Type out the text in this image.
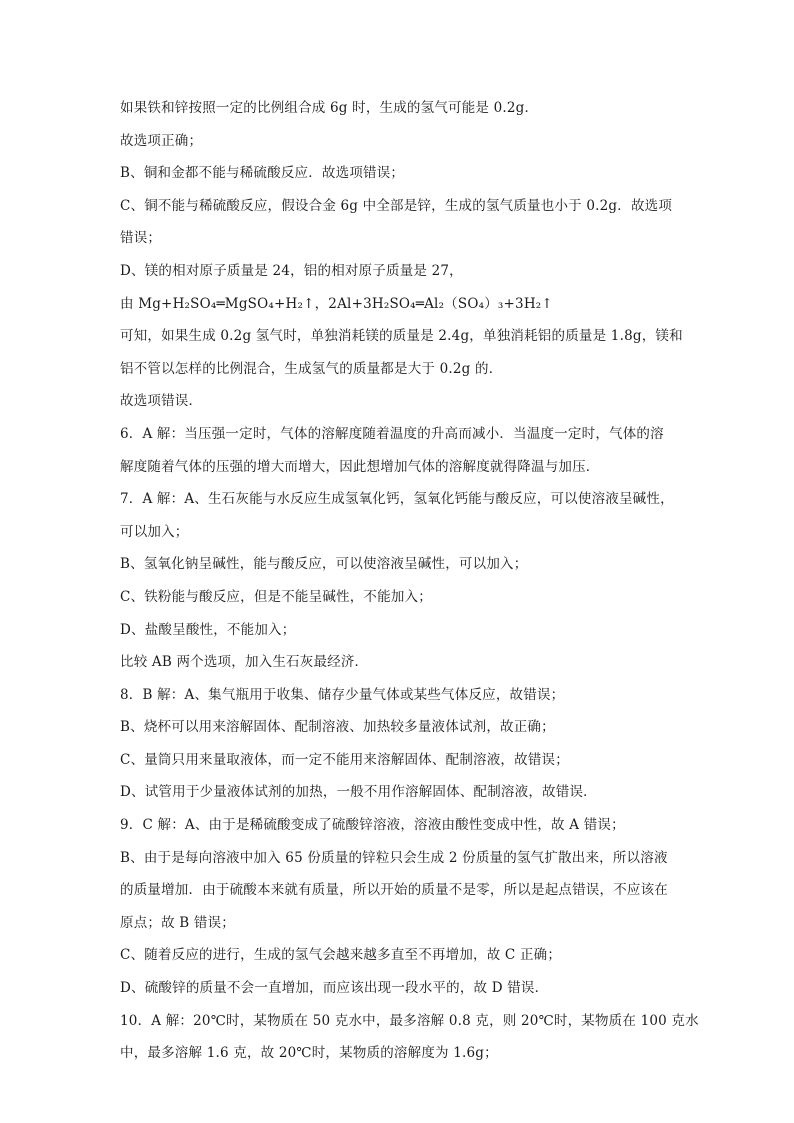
如果铁和锌按照一定的比例组合成 6g 时，生成的氢气可能是 0.2g．
故选项正确；
B、铜和金都不能与稀硫酸反应．故选项错误；
C、铜不能与稀硫酸反应，假设合金 6g 中全部是锌，生成的氢气质量也小于 0.2g．故选项
错误；
D、镁的相对原子质量是 24，铝的相对原子质量是 27，
由 Mg+H₂SO₄═MgSO₄+H₂↑，2Al+3H₂SO₄═Al₂（SO₄）₃+3H₂↑
可知，如果生成 0.2g 氢气时，单独消耗镁的质量是 2.4g，单独消耗铝的质量是 1.8g，镁和
铝不管以怎样的比例混合，生成氢气的质量都是大于 0.2g 的．
故选项错误．
6．A 解：当压强一定时，气体的溶解度随着温度的升高而减小．当温度一定时，气体的溶
解度随着气体的压强的增大而增大，因此想增加气体的溶解度就得降温与加压．
7．A 解：A、生石灰能与水反应生成氢氧化钙，氢氧化钙能与酸反应，可以使溶液呈碱性，
可以加入；
B、氢氧化钠呈碱性，能与酸反应，可以使溶液呈碱性，可以加入；
C、铁粉能与酸反应，但是不能呈碱性，不能加入；
D、盐酸呈酸性，不能加入；
比较 AB 两个选项，加入生石灰最经济．
8．B 解：A、集气瓶用于收集、储存少量气体或某些气体反应，故错误；
B、烧杯可以用来溶解固体、配制溶液、加热较多量液体试剂，故正确；
C、量筒只用来量取液体，而一定不能用来溶解固体、配制溶液，故错误；
D、试管用于少量液体试剂的加热，一般不用作溶解固体、配制溶液，故错误．
9．C 解：A、由于是稀硫酸变成了硫酸锌溶液，溶液由酸性变成中性，故 A 错误；
B、由于是每向溶液中加入 65 份质量的锌粒只会生成 2 份质量的氢气扩散出来，所以溶液
的质量增加．由于硫酸本来就有质量，所以开始的质量不是零，所以是起点错误，不应该在
原点；故 B 错误；
C、随着反应的进行，生成的氢气会越来越多直至不再增加，故 C 正确；
D、硫酸锌的质量不会一直增加，而应该出现一段水平的，故 D 错误．
10．A 解：20℃时，某物质在 50 克水中，最多溶解 0.8 克，则 20℃时，某物质在 100 克水
中，最多溶解 1.6 克，故 20℃时，某物质的溶解度为 1.6g；
